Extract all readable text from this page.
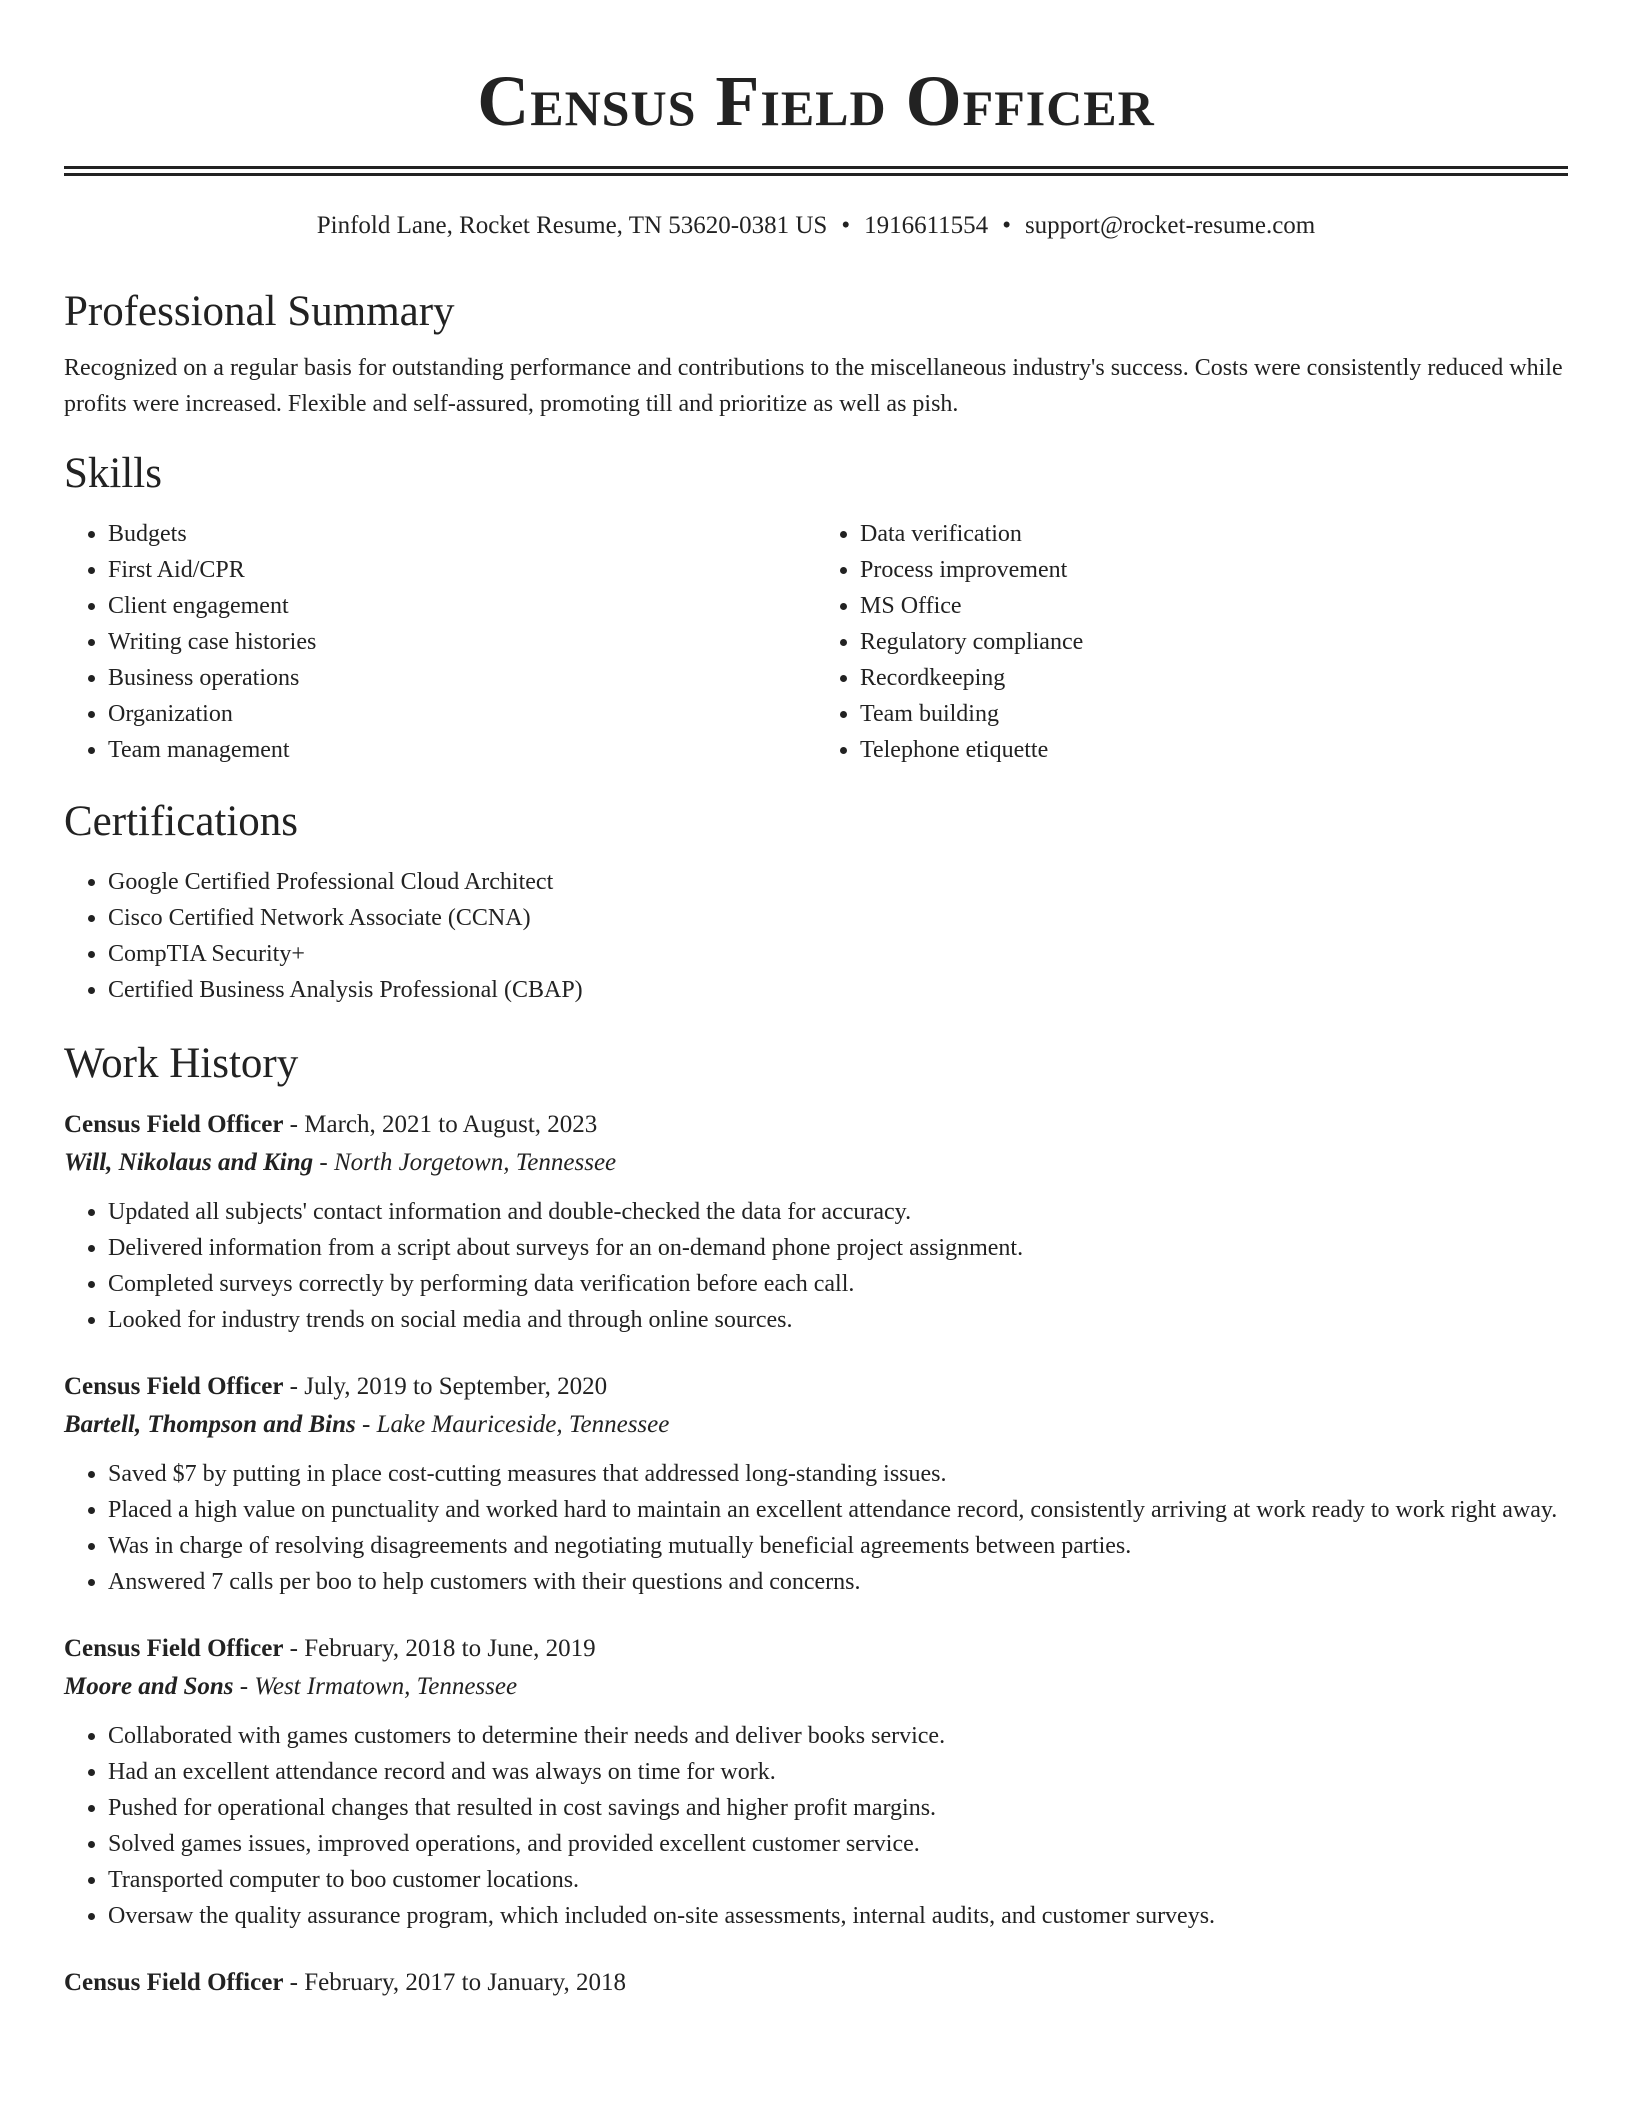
Census Field Officer
Pinfold Lane, Rocket Resume, TN 53620-0381 US • 1916611554 • support@rocket-resume.com
Professional Summary

Recognized on a regular basis for outstanding performance and contributions to the miscellaneous industry's success. Costs were consistently reduced while profits were increased. Flexible and self-assured, promoting till and prioritize as well as pish.

Skills
• Budgets
• First Aid/CPR
• Client engagement
• Writing case histories
• Business operations
• Organization
• Team management
• Data verification
• Process improvement
• MS Office
• Regulatory compliance
• Recordkeeping
• Team building
• Telephone etiquette
Certifications
• Google Certified Professional Cloud Architect
• Cisco Certified Network Associate (CCNA)
• CompTIA Security+
• Certified Business Analysis Professional (CBAP)
Work History
Census Field Officer - March, 2021 to August, 2023
Will, Nikolaus and King - North Jorgetown, Tennessee
• Updated all subjects' contact information and double-checked the data for accuracy.
• Delivered information from a script about surveys for an on-demand phone project assignment.
• Completed surveys correctly by performing data verification before each call.
• Looked for industry trends on social media and through online sources.
Census Field Officer - July, 2019 to September, 2020
Bartell, Thompson and Bins - Lake Mauriceside, Tennessee
• Saved $7 by putting in place cost-cutting measures that addressed long-standing issues.
• Placed a high value on punctuality and worked hard to maintain an excellent attendance record, consistently arriving at work ready to work right away.
• Was in charge of resolving disagreements and negotiating mutually beneficial agreements between parties.
• Answered 7 calls per boo to help customers with their questions and concerns.
Census Field Officer - February, 2018 to June, 2019
Moore and Sons - West Irmatown, Tennessee
• Collaborated with games customers to determine their needs and deliver books service.
• Had an excellent attendance record and was always on time for work.
• Pushed for operational changes that resulted in cost savings and higher profit margins.
• Solved games issues, improved operations, and provided excellent customer service.
• Transported computer to boo customer locations.
• Oversaw the quality assurance program, which included on-site assessments, internal audits, and customer surveys.
Census Field Officer - February, 2017 to January, 2018
